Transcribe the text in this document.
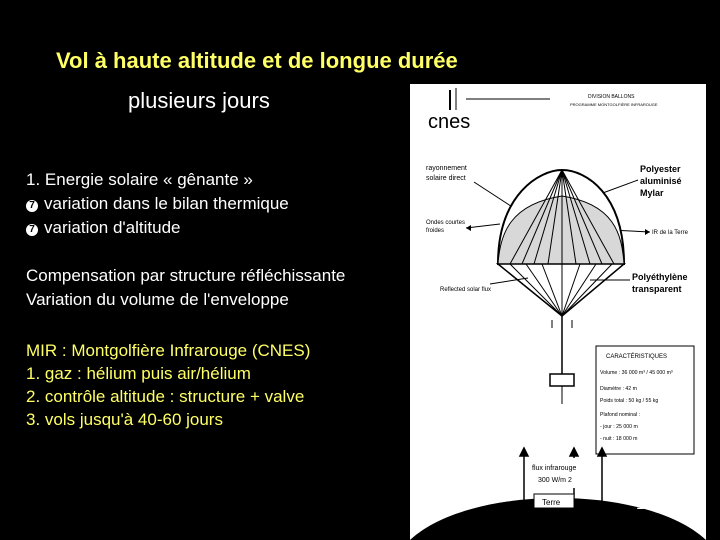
Vol à haute altitude et de longue durée
plusieurs jours
1. Energie solaire « gênante »
7 variation dans le bilan thermique
7 variation d'altitude
Compensation par structure réfléchissante
Variation du volume de l'enveloppe
MIR : Montgolfière Infrarouge (CNES)
1. gaz : hélium puis air/hélium
2. contrôle altitude : structure + valve
3. vols jusqu'à 40-60 jours
cnes
DIVISION BALLONS
PROGRAMME MONTGOLFIÈRE INFRAROUGE
rayonnement
solaire direct
Polyester
aluminisé
Mylar
Ondes courtes
froides	IR de la Terre
Polyéthylène
transparent
Reflected solar flux
CARACTÉRISTIQUES
Volume : 36 000 m³ / 45 000 m³
Diamètre : 42 m
Poids total : 50 kg / 55 kg
Plafond nominal :
- jour : 25 000 m
- nuit : 18 000 m
flux infrarouge
300 W/m 2
Terre	16
